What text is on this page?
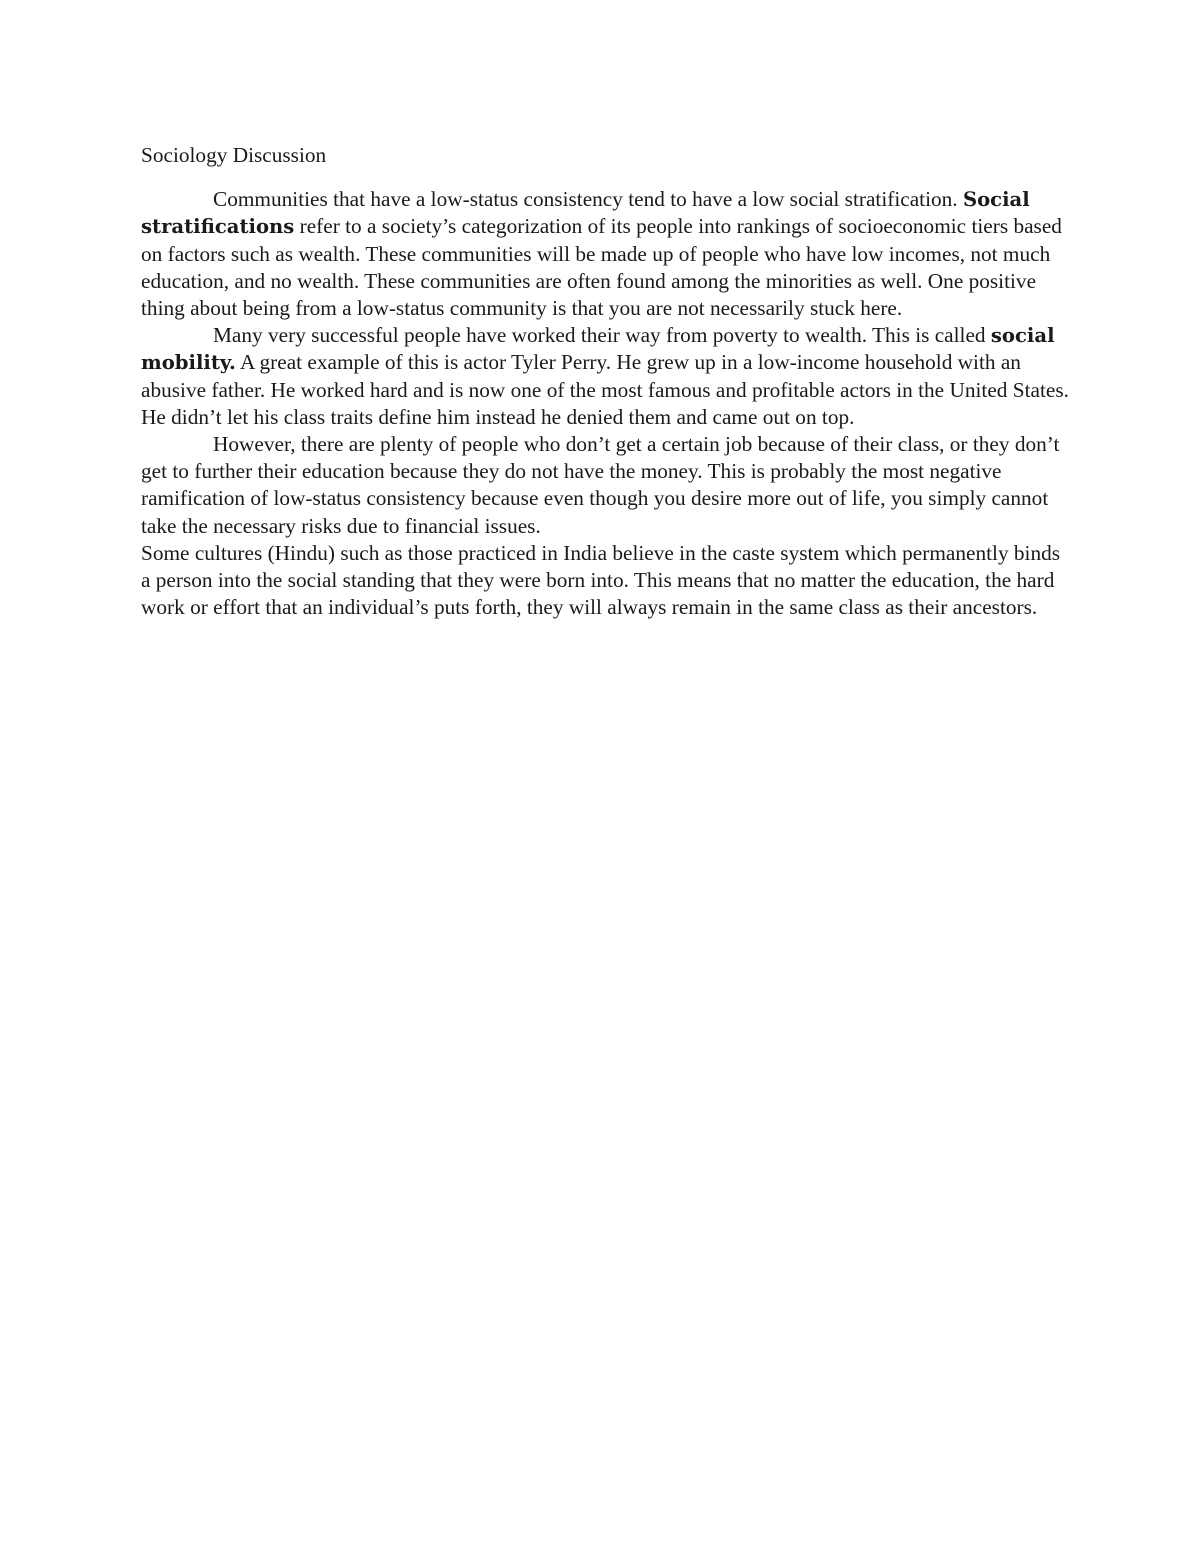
Sociology Discussion

Communities that have a low-status consistency tend to have a low social stratification. Social stratifications refer to a society’s categorization of its people into rankings of socioeconomic tiers based on factors such as wealth. These communities will be made up of people who have low incomes, not much education, and no wealth. These communities are often found among the minorities as well. One positive thing about being from a low-status community is that you are not necessarily stuck here.

Many very successful people have worked their way from poverty to wealth. This is called social mobility. A great example of this is actor Tyler Perry. He grew up in a low-income household with an abusive father. He worked hard and is now one of the most famous and profitable actors in the United States. He didn’t let his class traits define him instead he denied them and came out on top.

However, there are plenty of people who don’t get a certain job because of their class, or they don’t get to further their education because they do not have the money. This is probably the most negative ramification of low-status consistency because even though you desire more out of life, you simply cannot take the necessary risks due to financial issues.

Some cultures (Hindu) such as those practiced in India believe in the caste system which permanently binds a person into the social standing that they were born into. This means that no matter the education, the hard work or effort that an individual’s puts forth, they will always remain in the same class as their ancestors.
